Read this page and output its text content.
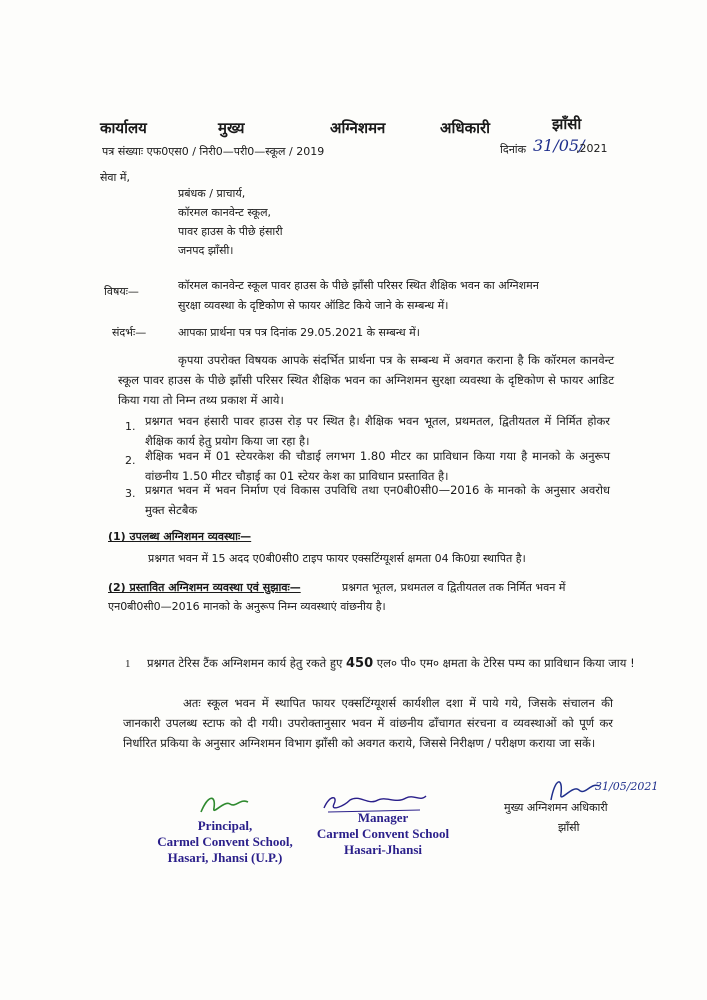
कार्यालय	मुख्य	अग्निशमन	अधिकारी	झाँसी
पत्र संख्याः एफ0एस0 / निरी0—परी0—स्कूल / 2019	दिनांक 31/05/
,2021
सेवा में,
प्रबंधक / प्राचार्य,
कॉरमल कानवेन्ट स्कूल,
पावर हाउस के पीछे हंसारी
जनपद झाँसी।
विषयः—	कॉरमल कानवेन्ट स्कूल पावर हाउस के पीछे झाँसी परिसर स्थित शैक्षिक भवन का अग्निशमन
सुरक्षा व्यवस्था के दृष्टिकोण से फायर ऑडिट किये जाने के सम्बन्ध में।
संदर्भः—	आपका प्रार्थना पत्र पत्र दिनांक 29.05.2021 के सम्बन्ध में।
कृपया उपरोक्त विषयक आपके संदर्भित प्रार्थना पत्र के सम्बन्ध में अवगत कराना है कि कॉरमल कानवेन्ट स्कूल पावर हाउस के पीछे झाँसी परिसर स्थित शैक्षिक भवन का अग्निशमन सुरक्षा व्यवस्था के दृष्टिकोण से फायर आडिट किया गया तो निम्न तथ्य प्रकाश में आये।
1. प्रश्नगत भवन हंसारी पावर हाउस रोड़ पर स्थित है। शैक्षिक भवन भूतल, प्रथमतल, द्वितीयतल में निर्मित होकर शैक्षिक कार्य हेतु प्रयोग किया जा रहा है।
2. शैक्षिक भवन में 01 स्टेयरकेश की चौडाई लगभग 1.80 मीटर का प्राविधान किया गया है मानको के अनुरूप वांछनीय 1.50 मीटर चौड़ाई का 01 स्टेयर केश का प्राविधान प्रस्तावित है।
3. प्रश्नगत भवन में भवन निर्माण एवं विकास उपविधि तथा एन0बी0सी0—2016 के मानको के अनुसार अवरोध मुक्त सेटबैक
(1) उपलब्ध अग्निशमन व्यवस्थाः—
प्रश्नगत भवन में 15 अदद ए0बी0सी0 टाइप फायर एक्सटिंग्यूशर्स क्षमता 04 कि0ग्रा स्थापित है।
(2) प्रस्तावित अग्निशमन व्यवस्था एवं सुझावः—	प्रश्नगत भूतल, प्रथमतल व द्वितीयतल तक निर्मित भवन में
एन0बी0सी0—2016 मानको के अनुरूप निम्न व्यवस्थाएं वांछनीय है।
1 प्रश्नगत टेरिस टैंक अग्निशमन कार्य हेतु रकते हुए 450 एल० पी० एम० क्षमता के टेरिस पम्प का प्राविधान किया जाय !
अतः स्कूल भवन में स्थापित फायर एक्सटिंग्यूशर्स कार्यशील दशा में पाये गये, जिसके संचालन की जानकारी उपलब्ध स्टाफ को दी गयी। उपरोक्तानुसार भवन में वांछनीय ढाँचागत संरचना व व्यवस्थाओं को पूर्ण कर निर्धारित प्रकिया के अनुसार अग्निशमन विभाग झाँसी को अवगत कराये, जिससे निरीक्षण / परीक्षण कराया जा सकें।
Principal,
Carmel Convent School,
Hasari, Jhansi (U.P.)
Manager
Carmel Convent School
Hasari-Jhansi
31/05/2021
मुख्य अग्निशमन अधिकारी
झाँसी
